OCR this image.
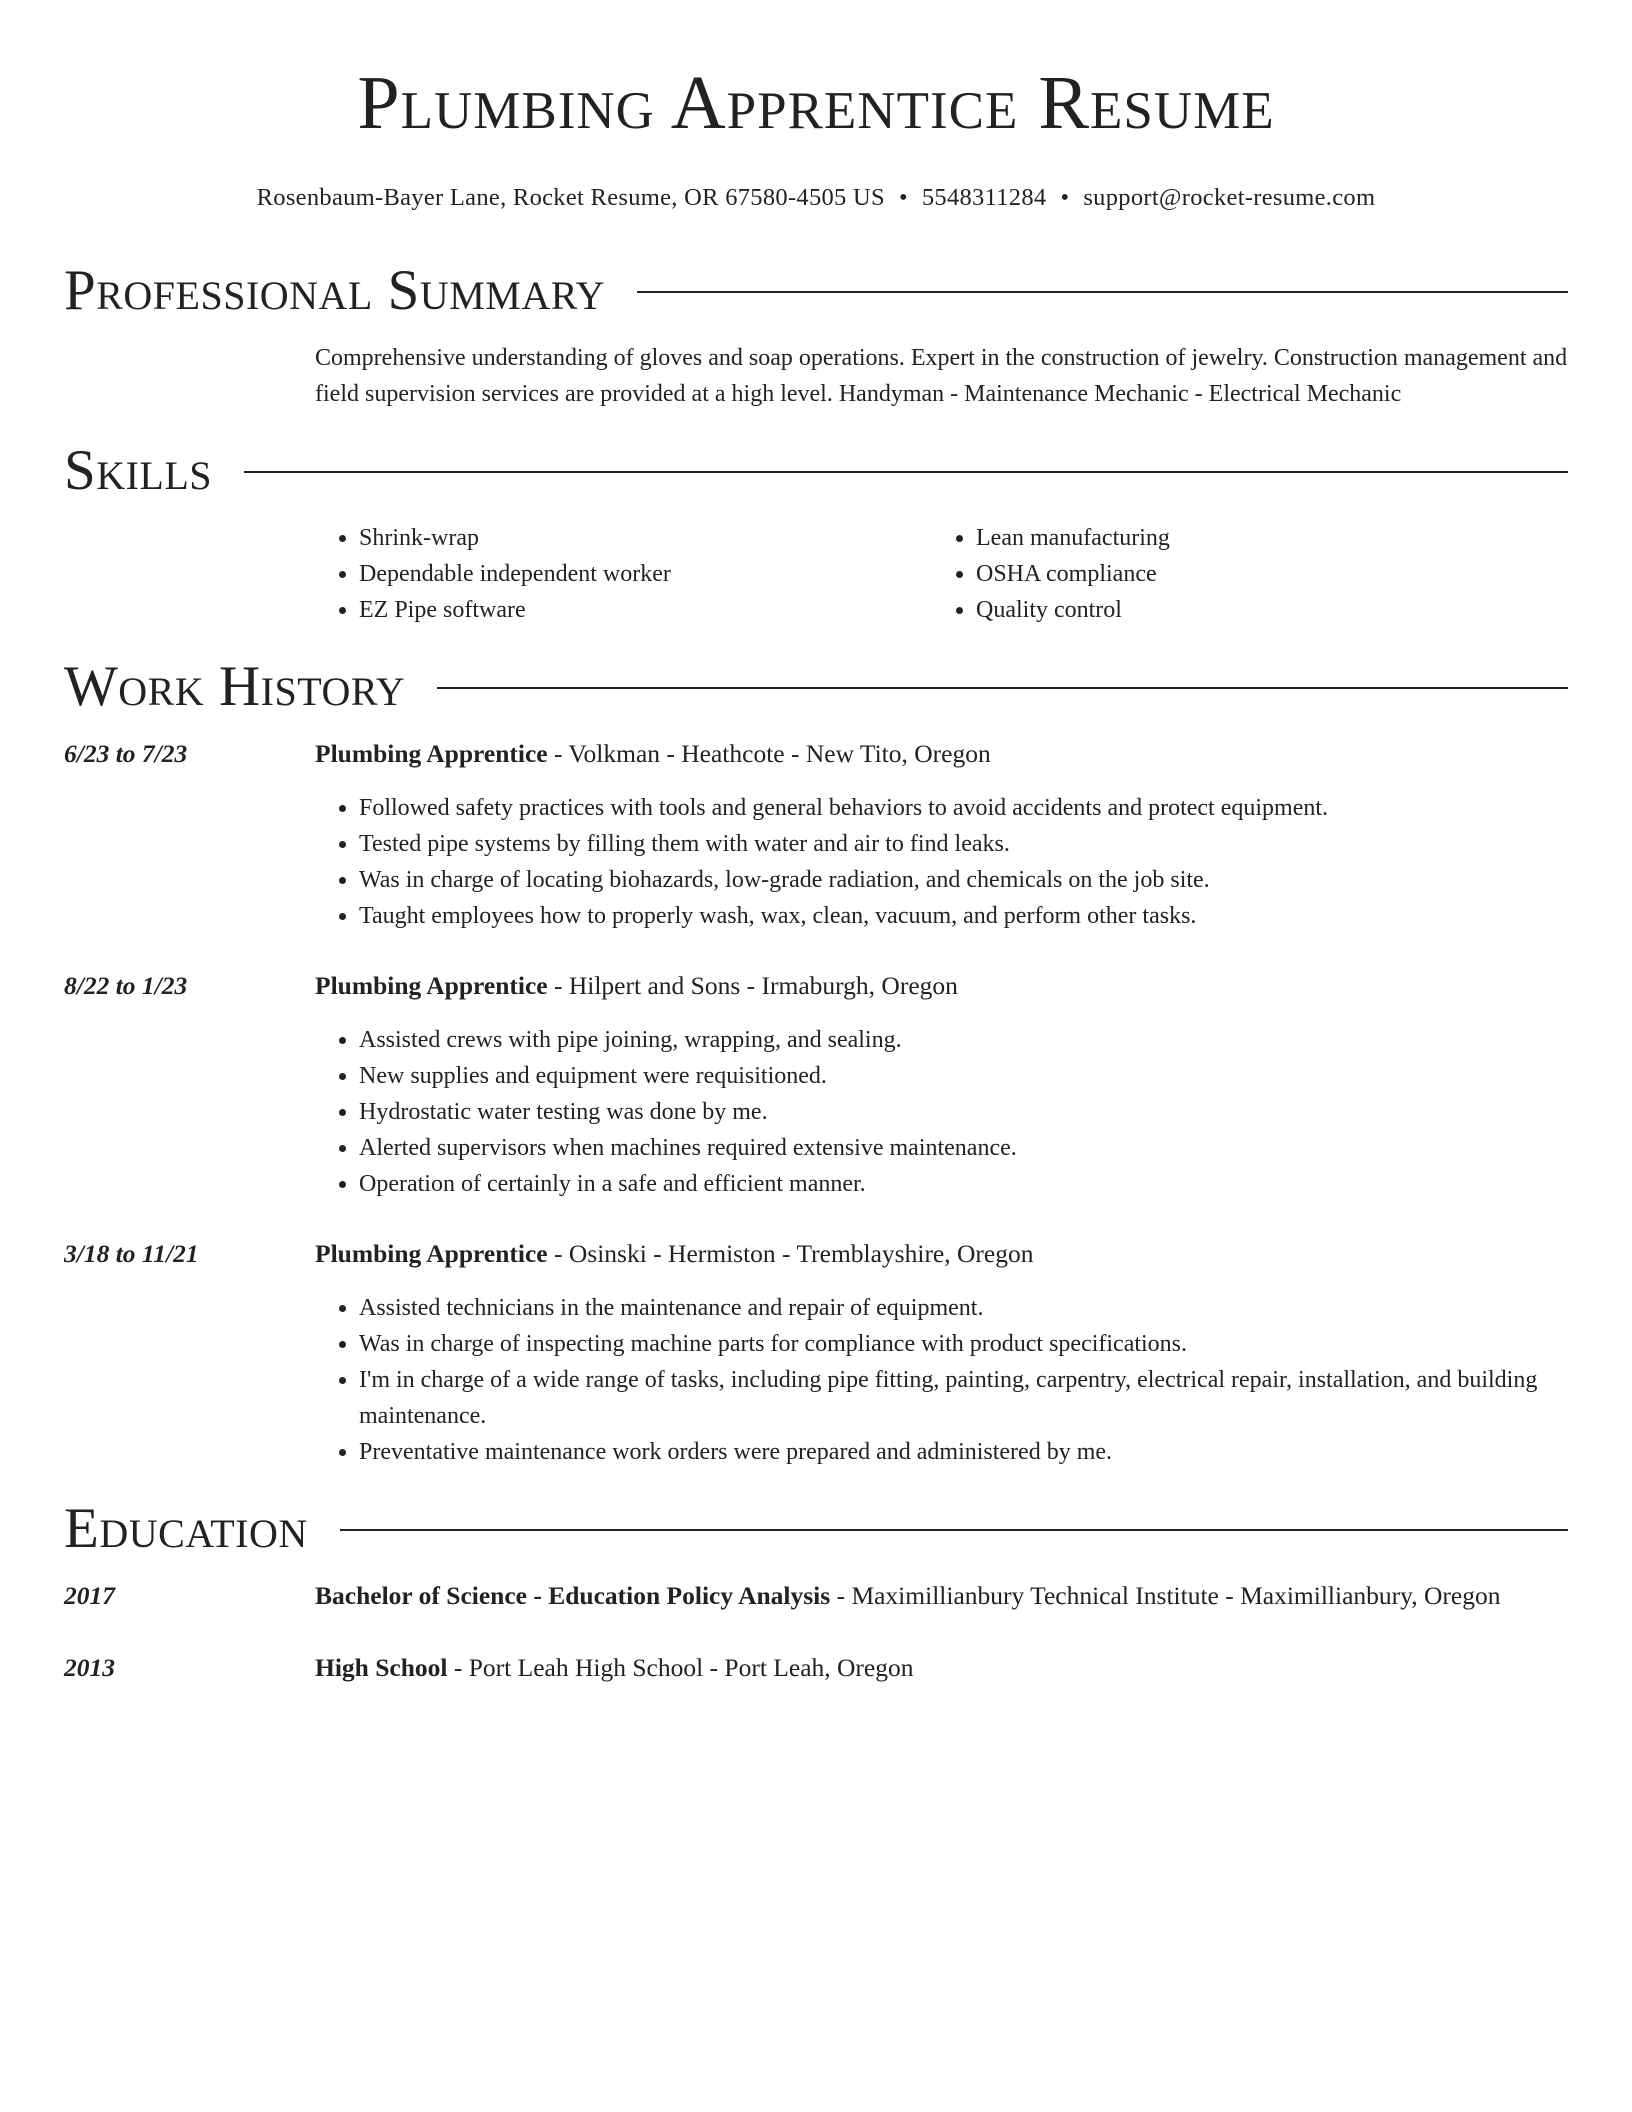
Plumbing Apprentice Resume
Rosenbaum-Bayer Lane, Rocket Resume, OR 67580-4505 US • 5548311284 • support@rocket-resume.com
Professional Summary
Comprehensive understanding of gloves and soap operations. Expert in the construction of jewelry. Construction management and field supervision services are provided at a high level. Handyman - Maintenance Mechanic - Electrical Mechanic
Skills
• Shrink-wrap
• Dependable independent worker
• EZ Pipe software
• Lean manufacturing
• OSHA compliance
• Quality control
Work History
6/23 to 7/23	Plumbing Apprentice - Volkman - Heathcote - New Tito, Oregon
• Followed safety practices with tools and general behaviors to avoid accidents and protect equipment.
• Tested pipe systems by filling them with water and air to find leaks.
• Was in charge of locating biohazards, low-grade radiation, and chemicals on the job site.
• Taught employees how to properly wash, wax, clean, vacuum, and perform other tasks.
8/22 to 1/23	Plumbing Apprentice - Hilpert and Sons - Irmaburgh, Oregon
• Assisted crews with pipe joining, wrapping, and sealing.
• New supplies and equipment were requisitioned.
• Hydrostatic water testing was done by me.
• Alerted supervisors when machines required extensive maintenance.
• Operation of certainly in a safe and efficient manner.
3/18 to 11/21	Plumbing Apprentice - Osinski - Hermiston - Tremblayshire, Oregon
• Assisted technicians in the maintenance and repair of equipment.
• Was in charge of inspecting machine parts for compliance with product specifications.
• I'm in charge of a wide range of tasks, including pipe fitting, painting, carpentry, electrical repair, installation, and building maintenance.
• Preventative maintenance work orders were prepared and administered by me.
Education
2017	Bachelor of Science - Education Policy Analysis - Maximillianbury Technical Institute - Maximillianbury, Oregon
2013	High School - Port Leah High School - Port Leah, Oregon
